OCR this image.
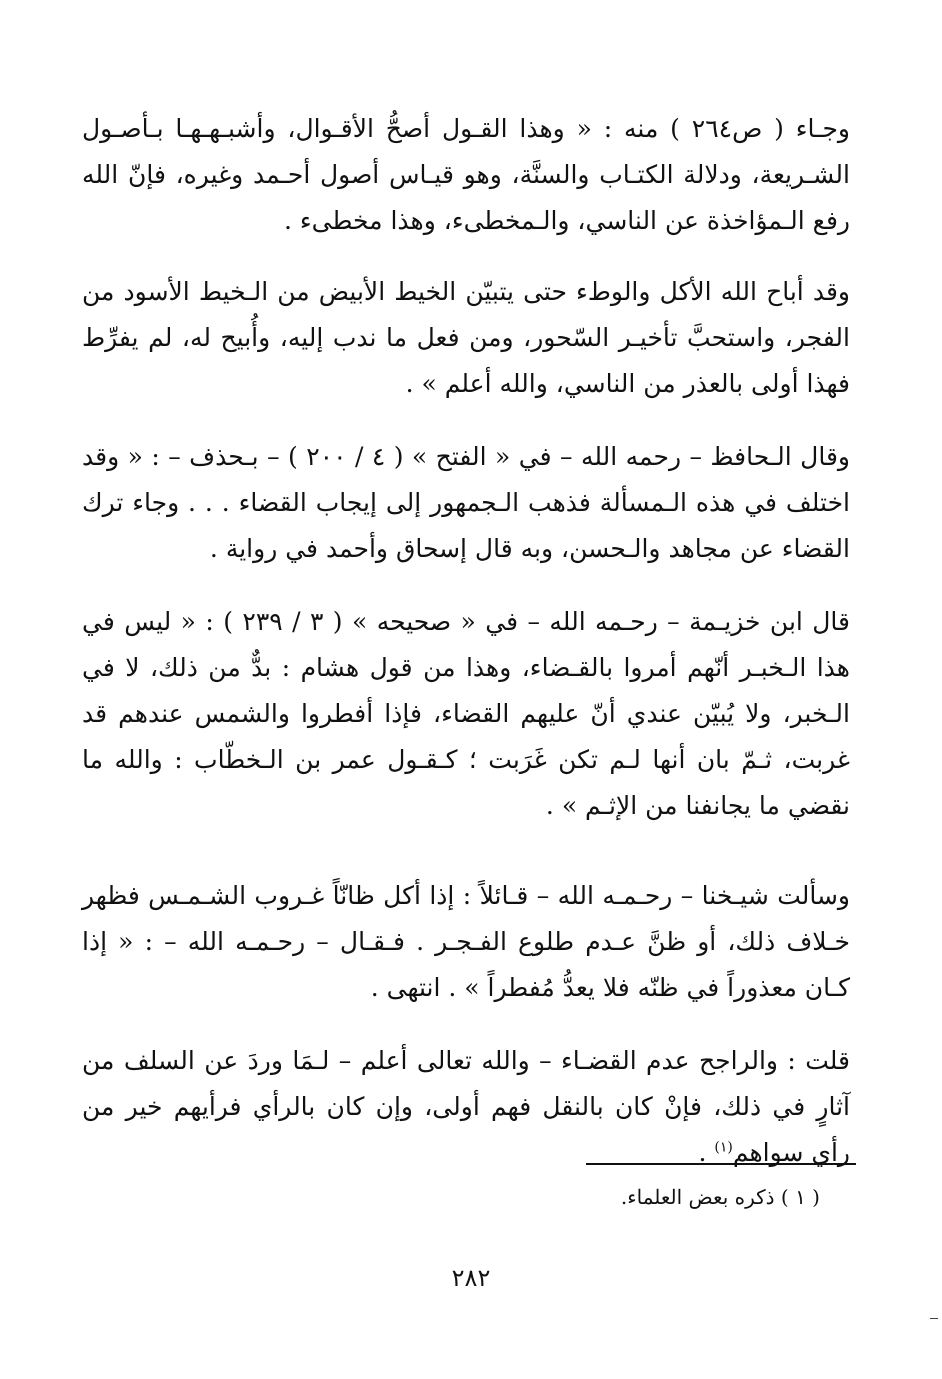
وجـاء ( ص٢٦٤ ) منه : « وهذا القـول أصحُّ الأقـوال، وأشبـهـهـا بـأصـول الشـريعة، ودلالة الكتـاب والسنَّة، وهو قيـاس أصول أحـمد وغيره، فإنّ الله رفع الـمؤاخذة عن الناسي، والـمخطىء، وهذا مخطىء .

وقد أباح الله الأكل والوطء حتى يتبيّن الخيط الأبيض من الـخيط الأسود من الفجر، واستحبَّ تأخيـر السّحور، ومن فعل ما ندب إليه، وأُبيح له، لم يفرِّط فهذا أولى بالعذر من الناسي، والله أعلم » .

وقال الـحافظ – رحمه الله – في « الفتح » ( ٤ / ٢٠٠ ) – بـحذف – : « وقد اختلف في هذه الـمسألة فذهب الـجمهور إلى إيجاب القضاء . . . وجاء ترك القضاء عن مجاهد والـحسن، وبه قال إسحاق وأحمد في رواية .

قال ابن خزيـمة – رحـمه الله – في « صحيحه » ( ٣ / ٢٣٩ ) : « ليس في هذا الـخبـر أنّهم أمروا بالقـضاء، وهذا من قول هشام : بدٌّ من ذلك، لا في الـخبر، ولا يُبيّن عندي أنّ عليهم القضاء، فإذا أفطروا والشمس عندهم قد غربت، ثـمّ بان أنها لـم تكن غَرَبت ؛ كـقـول عمر بن الـخطّاب : والله ما نقضي ما يجانفنا من الإثـم » .

وسألت شيـخنا – رحـمـه الله – قـائلاً : إذا أكل ظانّاً غـروب الشـمـس فظهر خـلاف ذلك، أو ظنَّ عـدم طلوع الفـجـر . فـقـال – رحـمـه الله – : « إذا كـان معذوراً في ظنّه فلا يعدُّ مُفطراً » . انتهى .

قلت : والراجح عدم القضـاء – والله تعالى أعلم – لـمَا وردَ عن السلف من آثارٍ في ذلك، فإنْ كان بالنقل فهم أولى، وإن كان بالرأي فرأيهم خير من رأي سواهم$^{(١)}$ .

( ١ ) ذكره بعض العلماء.

٢٨٢
